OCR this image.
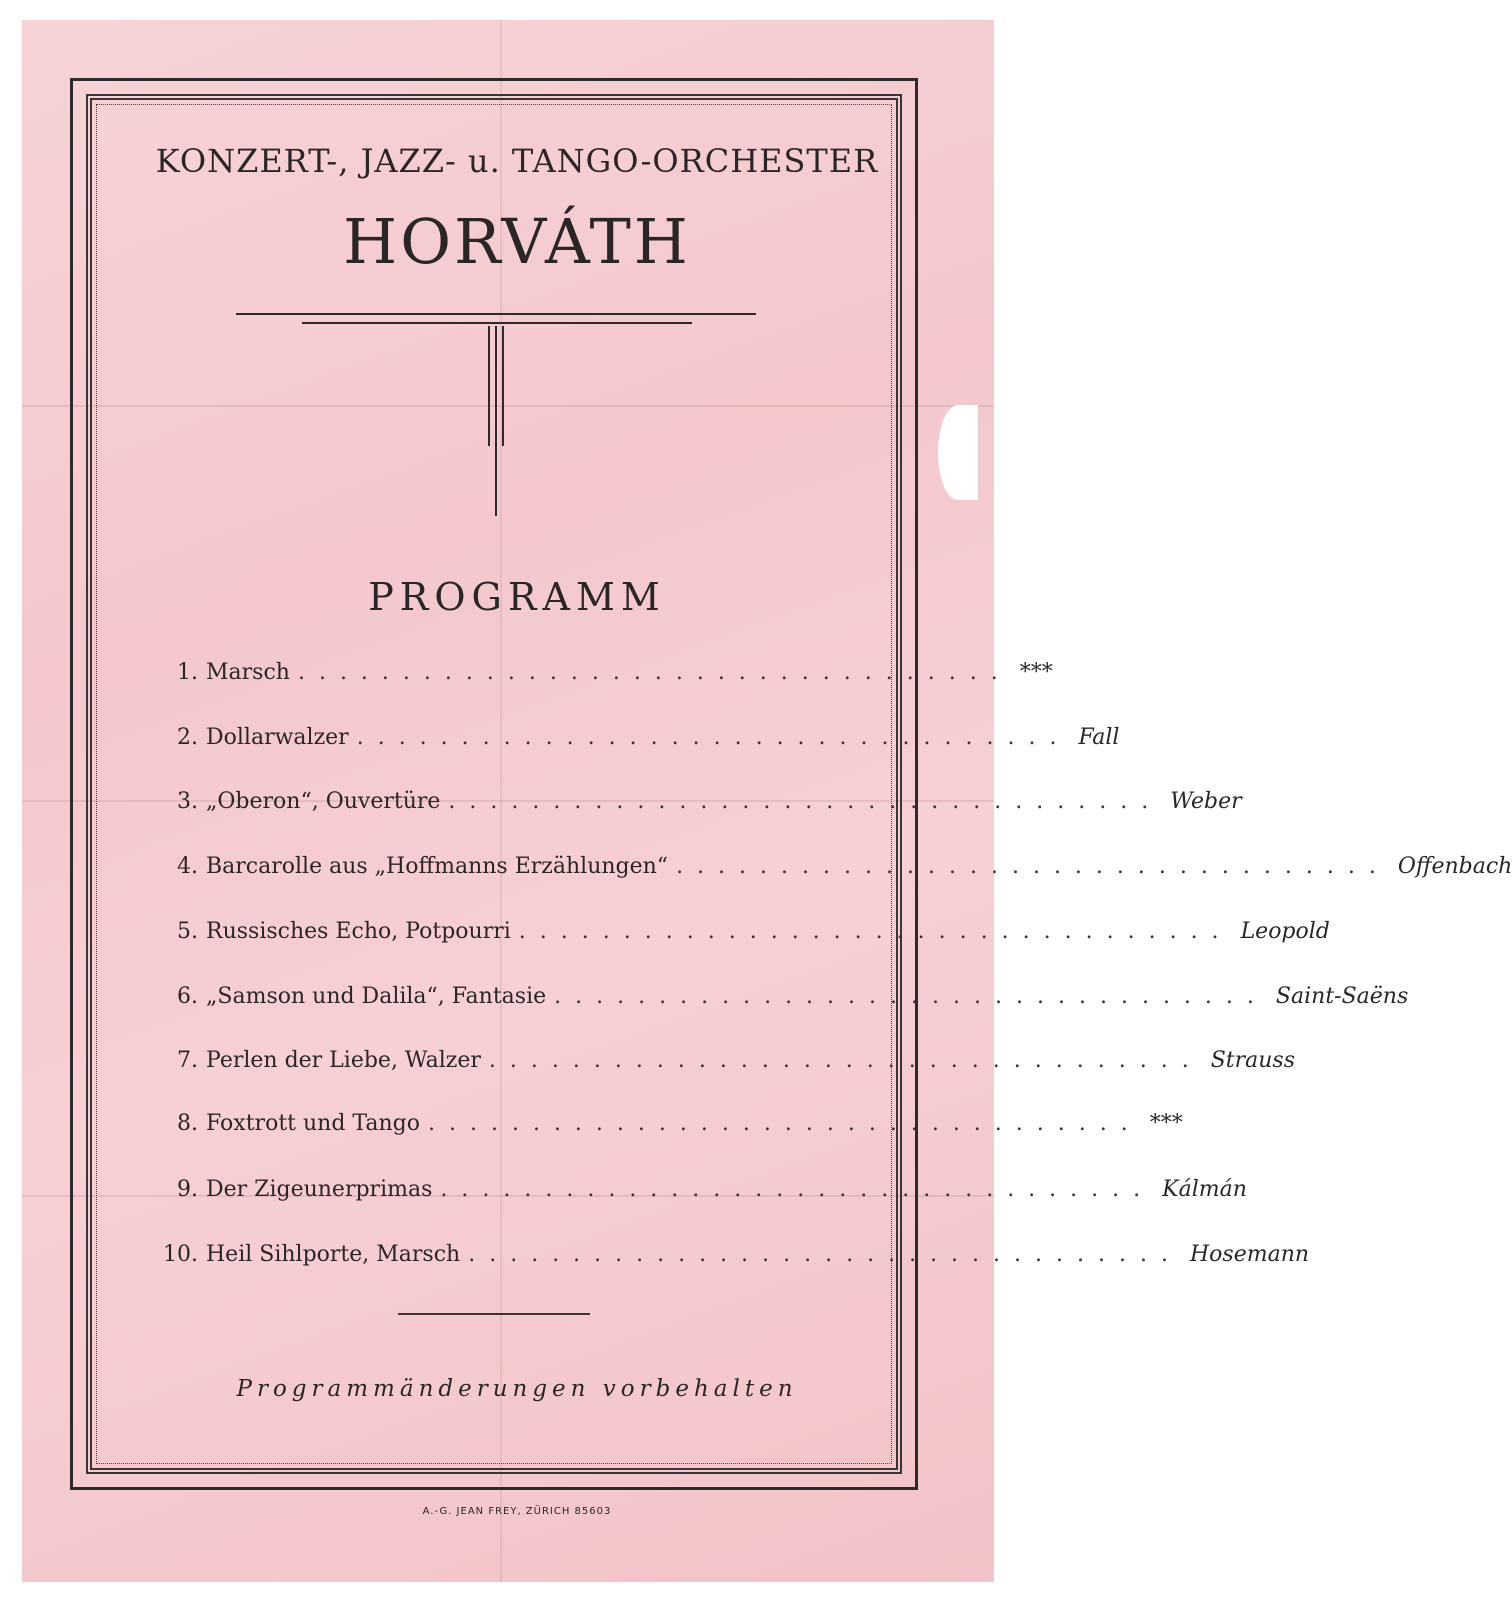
KONZERT-, JAZZ- u. TANGO-ORCHESTER
HORVÁTH
PROGRAMM
1. Marsch .................................. ***
2. Dollarwalzer .................................. Fall
3. „Oberon“, Ouvertüre .................................. Weber
4. Barcarolle aus „Hoffmanns Erzählungen“ .................................. Offenbach
5. Russisches Echo, Potpourri .................................. Leopold
6. „Samson und Dalila“, Fantasie .................................. Saint-Saëns
7. Perlen der Liebe, Walzer .................................. Strauss
8. Foxtrott und Tango .................................. ***
9. Der Zigeunerprimas .................................. Kálmán
10. Heil Sihlporte, Marsch .................................. Hosemann
Programmänderungen vorbehalten
A.-G. JEAN FREY, ZÜRICH 85603
